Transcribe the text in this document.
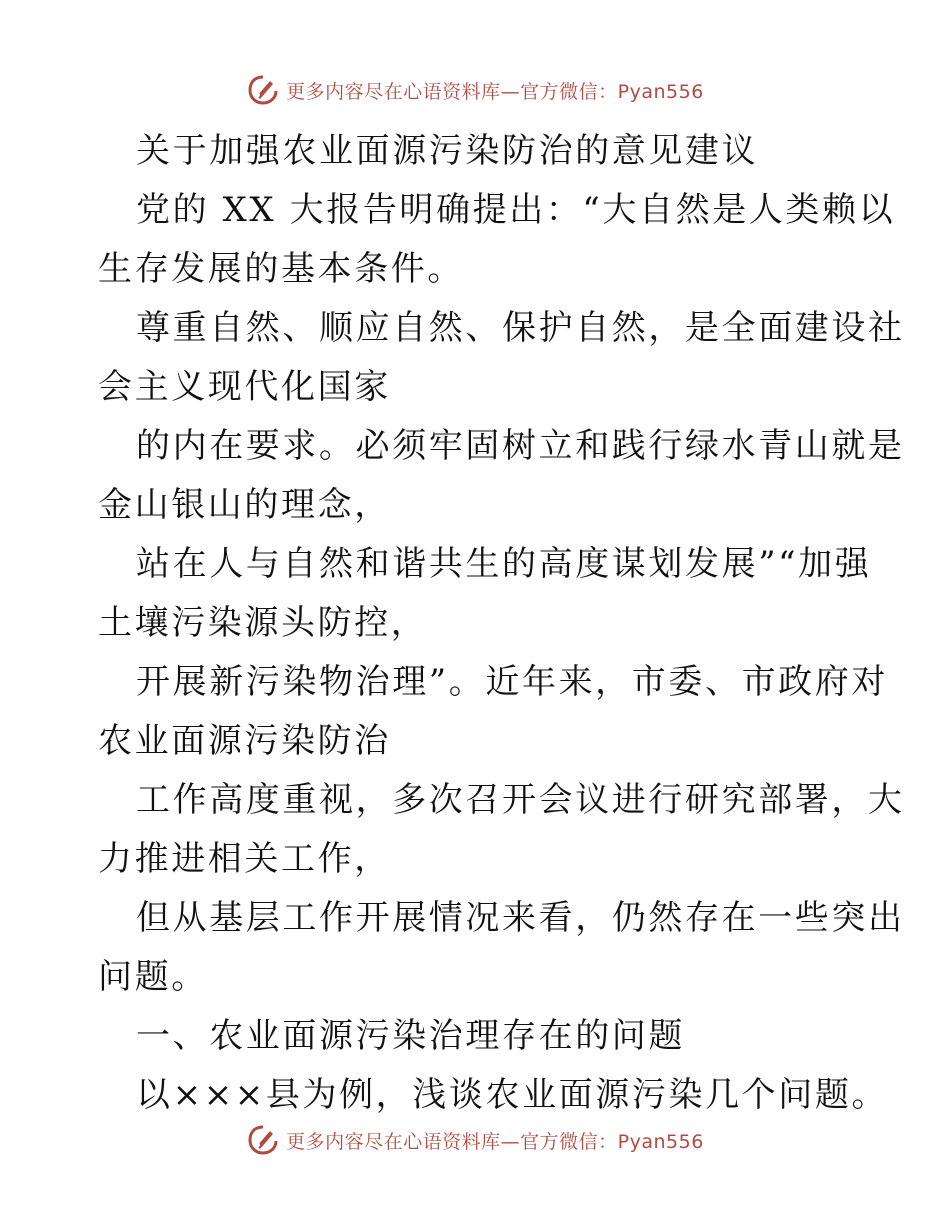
更多内容尽在心语资料库—官方微信：Pyan556
关于加强农业面源污染防治的意见建议
党的 XX 大报告明确提出：“大自然是人类赖以
生存发展的基本条件。
尊重自然、顺应自然、保护自然，是全面建设社
会主义现代化国家
的内在要求。必须牢固树立和践行绿水青山就是
金山银山的理念，
站在人与自然和谐共生的高度谋划发展”“加强
土壤污染源头防控，
开展新污染物治理”。近年来，市委、市政府对
农业面源污染防治
工作高度重视，多次召开会议进行研究部署，大
力推进相关工作，
但从基层工作开展情况来看，仍然存在一些突出
问题。
一、农业面源污染治理存在的问题
以×××县为例，浅谈农业面源污染几个问题。
更多内容尽在心语资料库—官方微信：Pyan556
